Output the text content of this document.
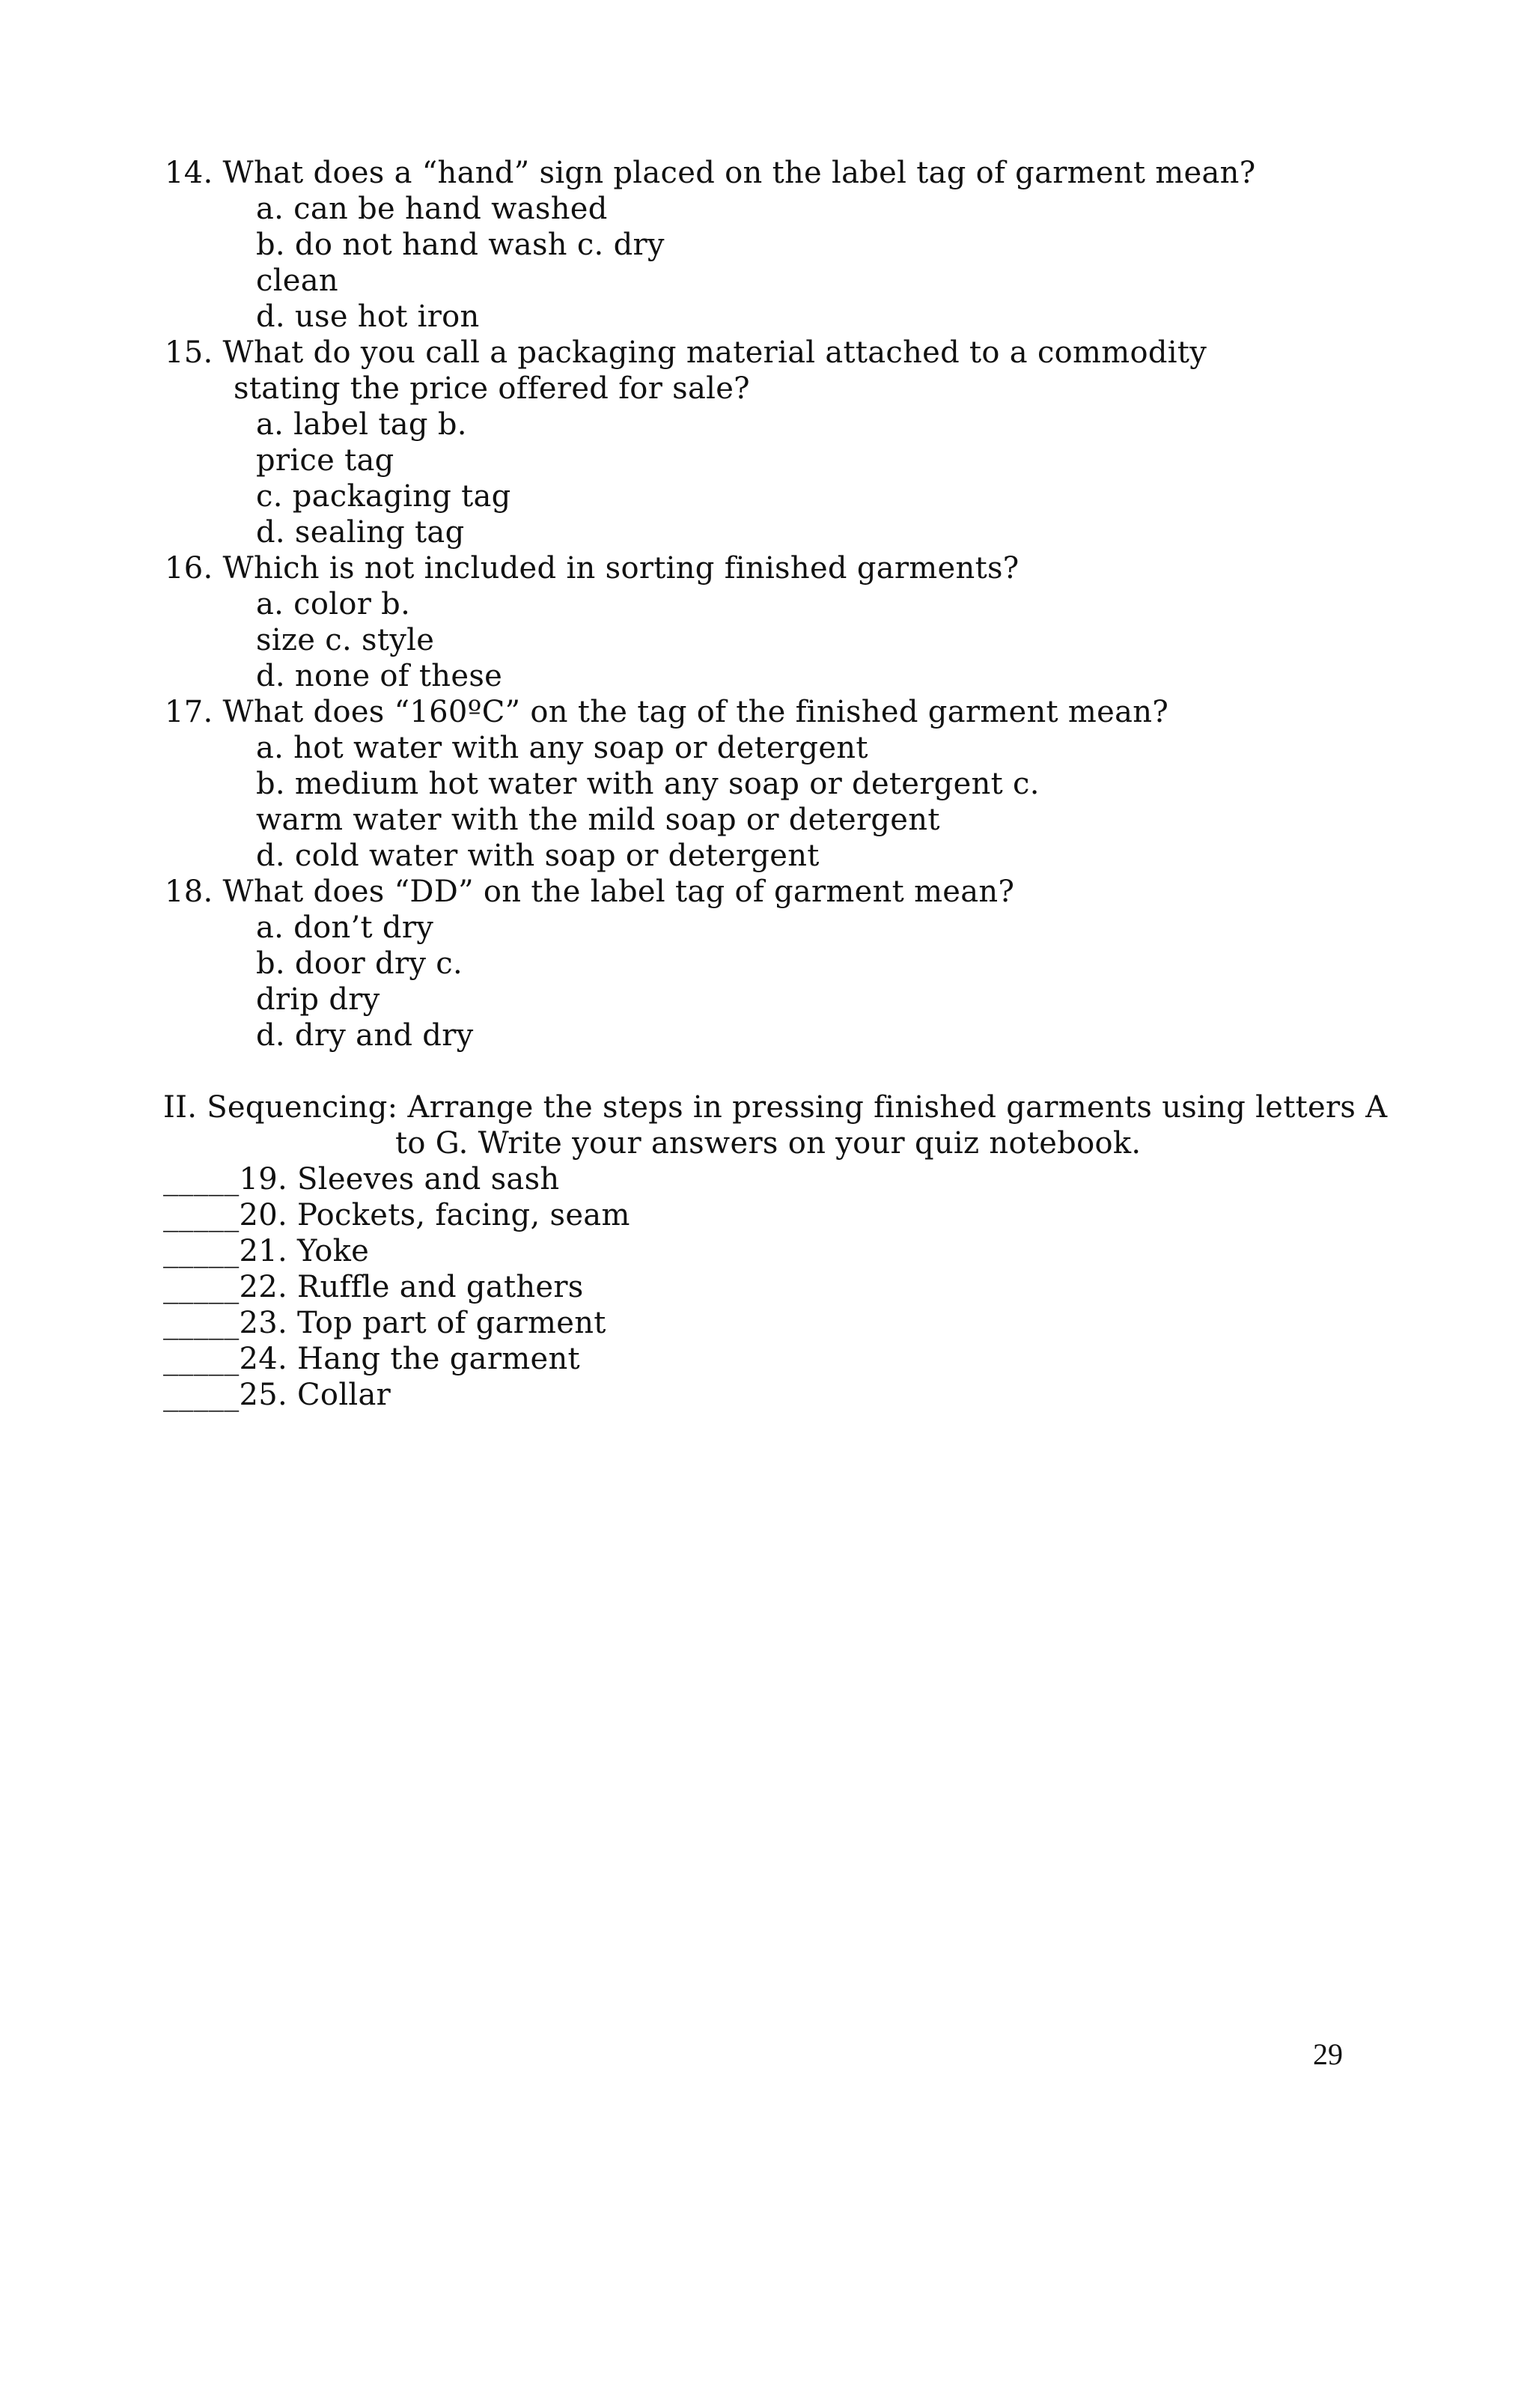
14. What does a “hand” sign placed on the label tag of garment mean?
a. can be hand washed
b. do not hand wash c. dry
clean
d. use hot iron
15. What do you call a packaging material attached to a commodity
stating the price offered for sale?
a. label tag b.
price tag
c. packaging tag
d. sealing tag
16. Which is not included in sorting finished garments?
a. color b.
size c. style
d. none of these
17. What does “160ºC” on the tag of the finished garment mean?
a. hot water with any soap or detergent
b. medium hot water with any soap or detergent c.
warm water with the mild soap or detergent
d. cold water with soap or detergent
18. What does “DD” on the label tag of garment mean?
a. don’t dry
b. door dry c.
drip dry
d. dry and dry
II. Sequencing: Arrange the steps in pressing finished garments using letters A
to G. Write your answers on your quiz notebook.
_____19. Sleeves and sash
_____20. Pockets, facing, seam
_____21. Yoke
_____22. Ruffle and gathers
_____23. Top part of garment
_____24. Hang the garment
_____25. Collar
29
